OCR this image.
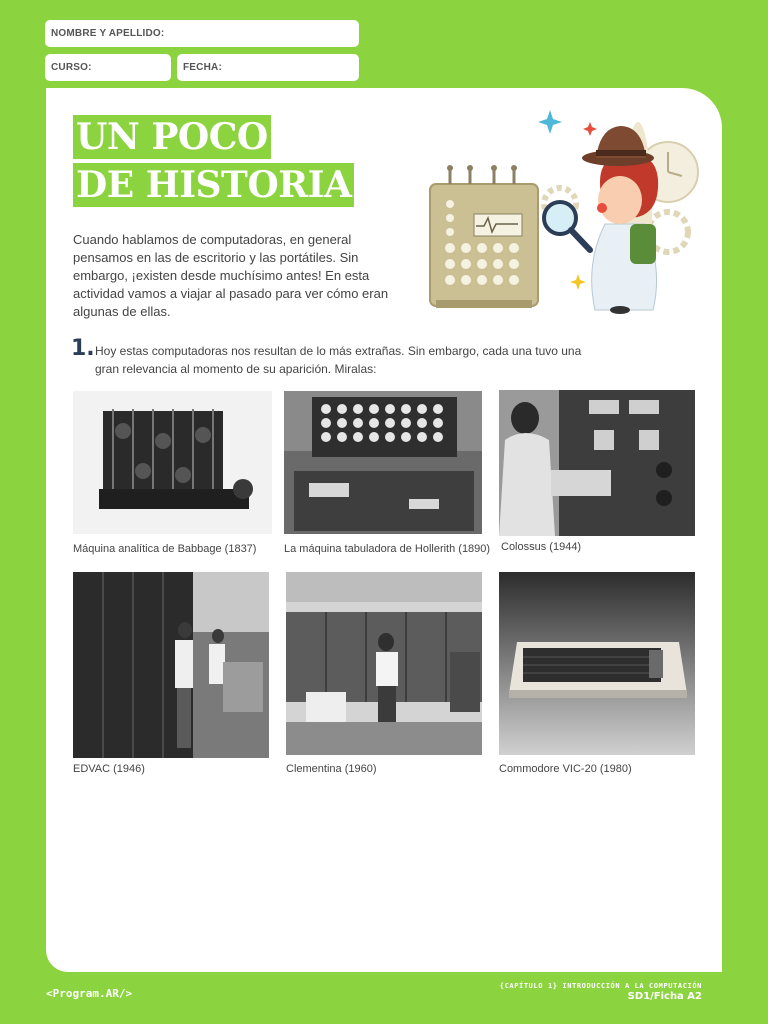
NOMBRE Y APELLIDO:
CURSO:	FECHA:
UN POCO
DE HISTORIA
Cuando hablamos de computadoras, en general pensamos en las de escritorio y las portátiles. Sin embargo, ¡existen desde muchísimo antes! En esta actividad vamos a viajar al pasado para ver cómo eran algunas de ellas.
1. Hoy estas computadoras nos resultan de lo más extrañas. Sin embargo, cada una tuvo una gran relevancia al momento de su aparición. Miralas:
Máquina analítica de Babbage (1837)	La máquina tabuladora de Hollerith (1890) Colossus (1944)
EDVAC (1946)	Clementina (1960)	Commodore VIC-20 (1980)
<Program.AR/>
{CAPÍTULO 1} INTRODUCCIÓN A LA COMPUTACIÓN
SD1/Ficha A2
